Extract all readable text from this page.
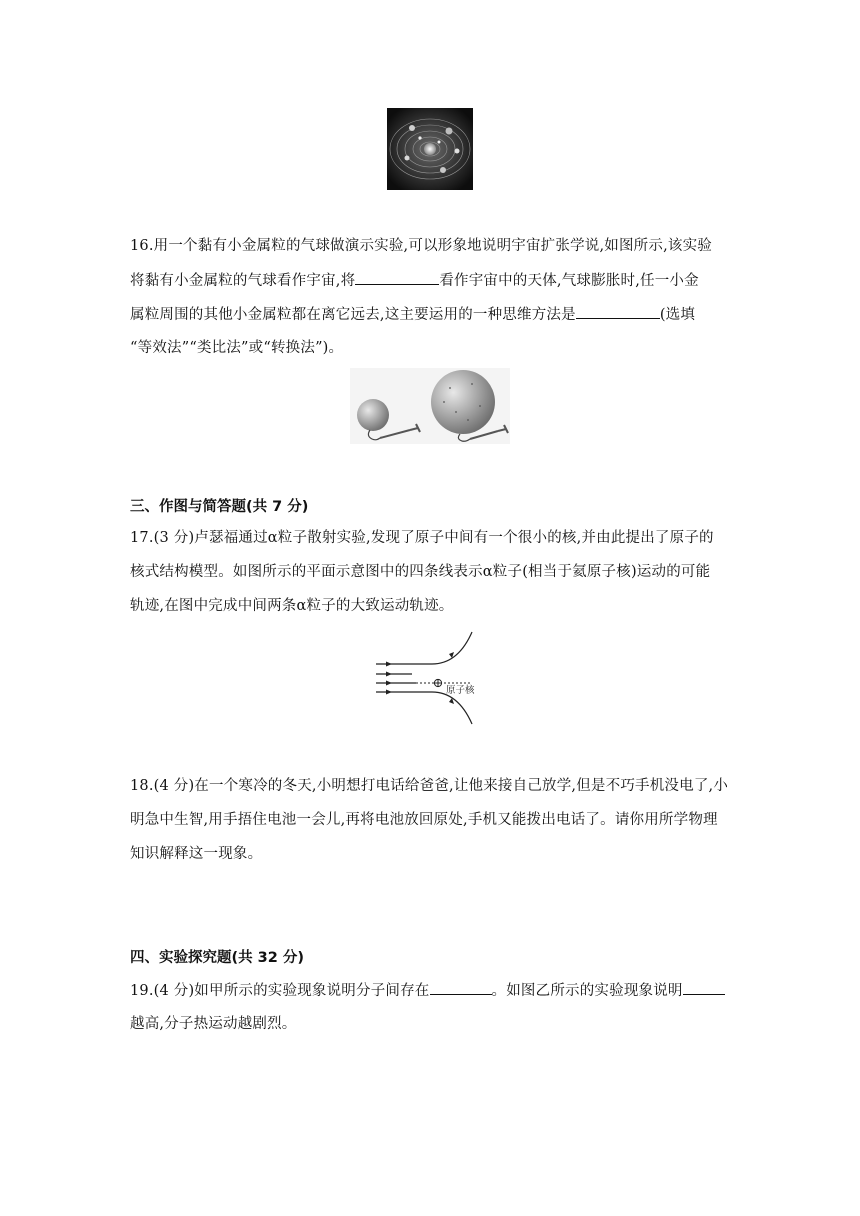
16.用一个黏有小金属粒的气球做演示实验,可以形象地说明宇宙扩张学说,如图所示,该实验
将黏有小金属粒的气球看作宇宙,将	看作宇宙中的天体,气球膨胀时,任一小金
属粒周围的其他小金属粒都在离它远去,这主要运用的一种思维方法是	(选填
“等效法”“类比法”或“转换法”)。
三、作图与简答题(共 7 分)
17.(3 分)卢瑟福通过α粒子散射实验,发现了原子中间有一个很小的核,并由此提出了原子的
核式结构模型。如图所示的平面示意图中的四条线表示α粒子(相当于氦原子核)运动的可能
轨迹,在图中完成中间两条α粒子的大致运动轨迹。
原子核
18.(4 分)在一个寒冷的冬天,小明想打电话给爸爸,让他来接自己放学,但是不巧手机没电了,小
明急中生智,用手捂住电池一会儿,再将电池放回原处,手机又能拨出电话了。请你用所学物理
知识解释这一现象。
四、实验探究题(共 32 分)
19.(4 分)如甲所示的实验现象说明分子间存在	。如图乙所示的实验现象说明
越高,分子热运动越剧烈。
